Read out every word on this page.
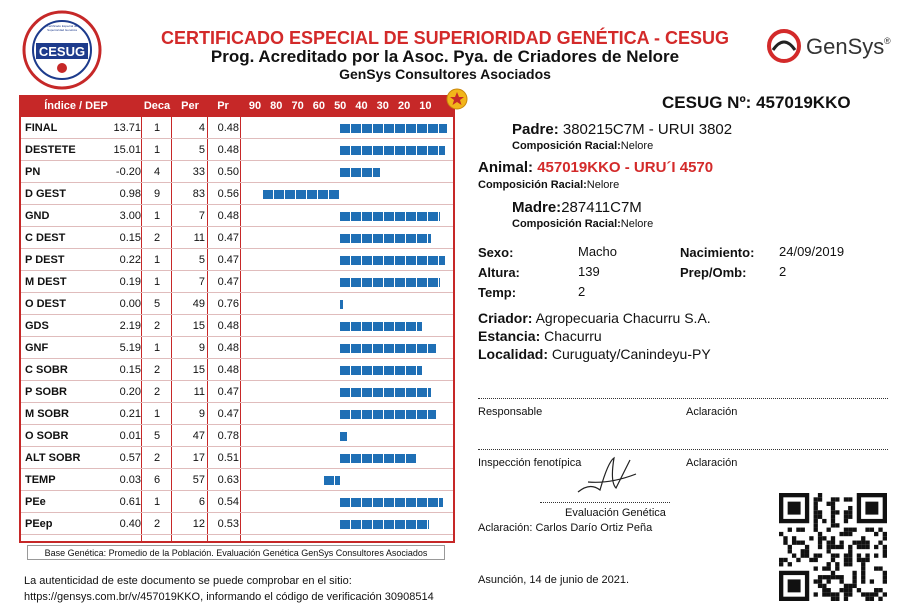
CESUG
Certificado Especial de Superioridad Genética	CERTIFICADO ESPECIAL DE SUPERIORIDAD GENÉTICA - CESUG
Prog. Acreditado por la Asoc. Pya. de Criadores de Nelore
GenSys Consultores Asociados
GenSys ®
Índice / DEP	Deca Per	Pr	90 80 70 60 50 40 30 20 10
FINAL	13.71	1	4	0.48
DESTETE	15.01	1	5	0.48
PN	-0.20	4	33	0.50
D GEST	0.98	9	83	0.56
GND	3.00	1	7	0.48
C DEST	0.15	2	11	0.47
P DEST	0.22	1	5	0.47
M DEST	0.19	1	7	0.47
O DEST	0.00	5	49	0.76
GDS	2.19	2	15	0.48
GNF	5.19	1	9	0.48
C SOBR	0.15	2	15	0.48
P SOBR	0.20	2	11	0.47
M SOBR	0.21	1	9	0.47
O SOBR	0.01	5	47	0.78
ALT SOBR	0.57	2	17	0.51
TEMP	0.03	6	57	0.63
PEe	0.61	1	6	0.54
PEep	0.40	2	12	0.53
Base Genética: Promedio de la Población. Evaluación Genética GenSys Consultores Asociados
La autenticidad de este documento se puede comprobar en el sitio:
https://gensys.com.br/v/457019KKO, informando el código de verificación 30908514
CESUG Nº: 457019KKO
Padre: 380215C7M - URUI 3802
Composición Racial:Nelore
Animal: 457019KKO - URU´I 4570
Composición Racial:Nelore
Madre:287411C7M
Composición Racial:Nelore
Sexo:	Macho	Nacimiento: 24/09/2019
Altura:	139	Prep/Omb:	2
Temp:	2
Criador: Agropecuaria Chacurru S.A.
Estancia: Chacurru
Localidad: Curuguaty/Canindeyu-PY
Responsable	Aclaración
Inspección fenotípica	Aclaración
Evaluación Genética
Aclaración: Carlos Darío Ortiz Peña
Asunción, 14 de junio de 2021.
